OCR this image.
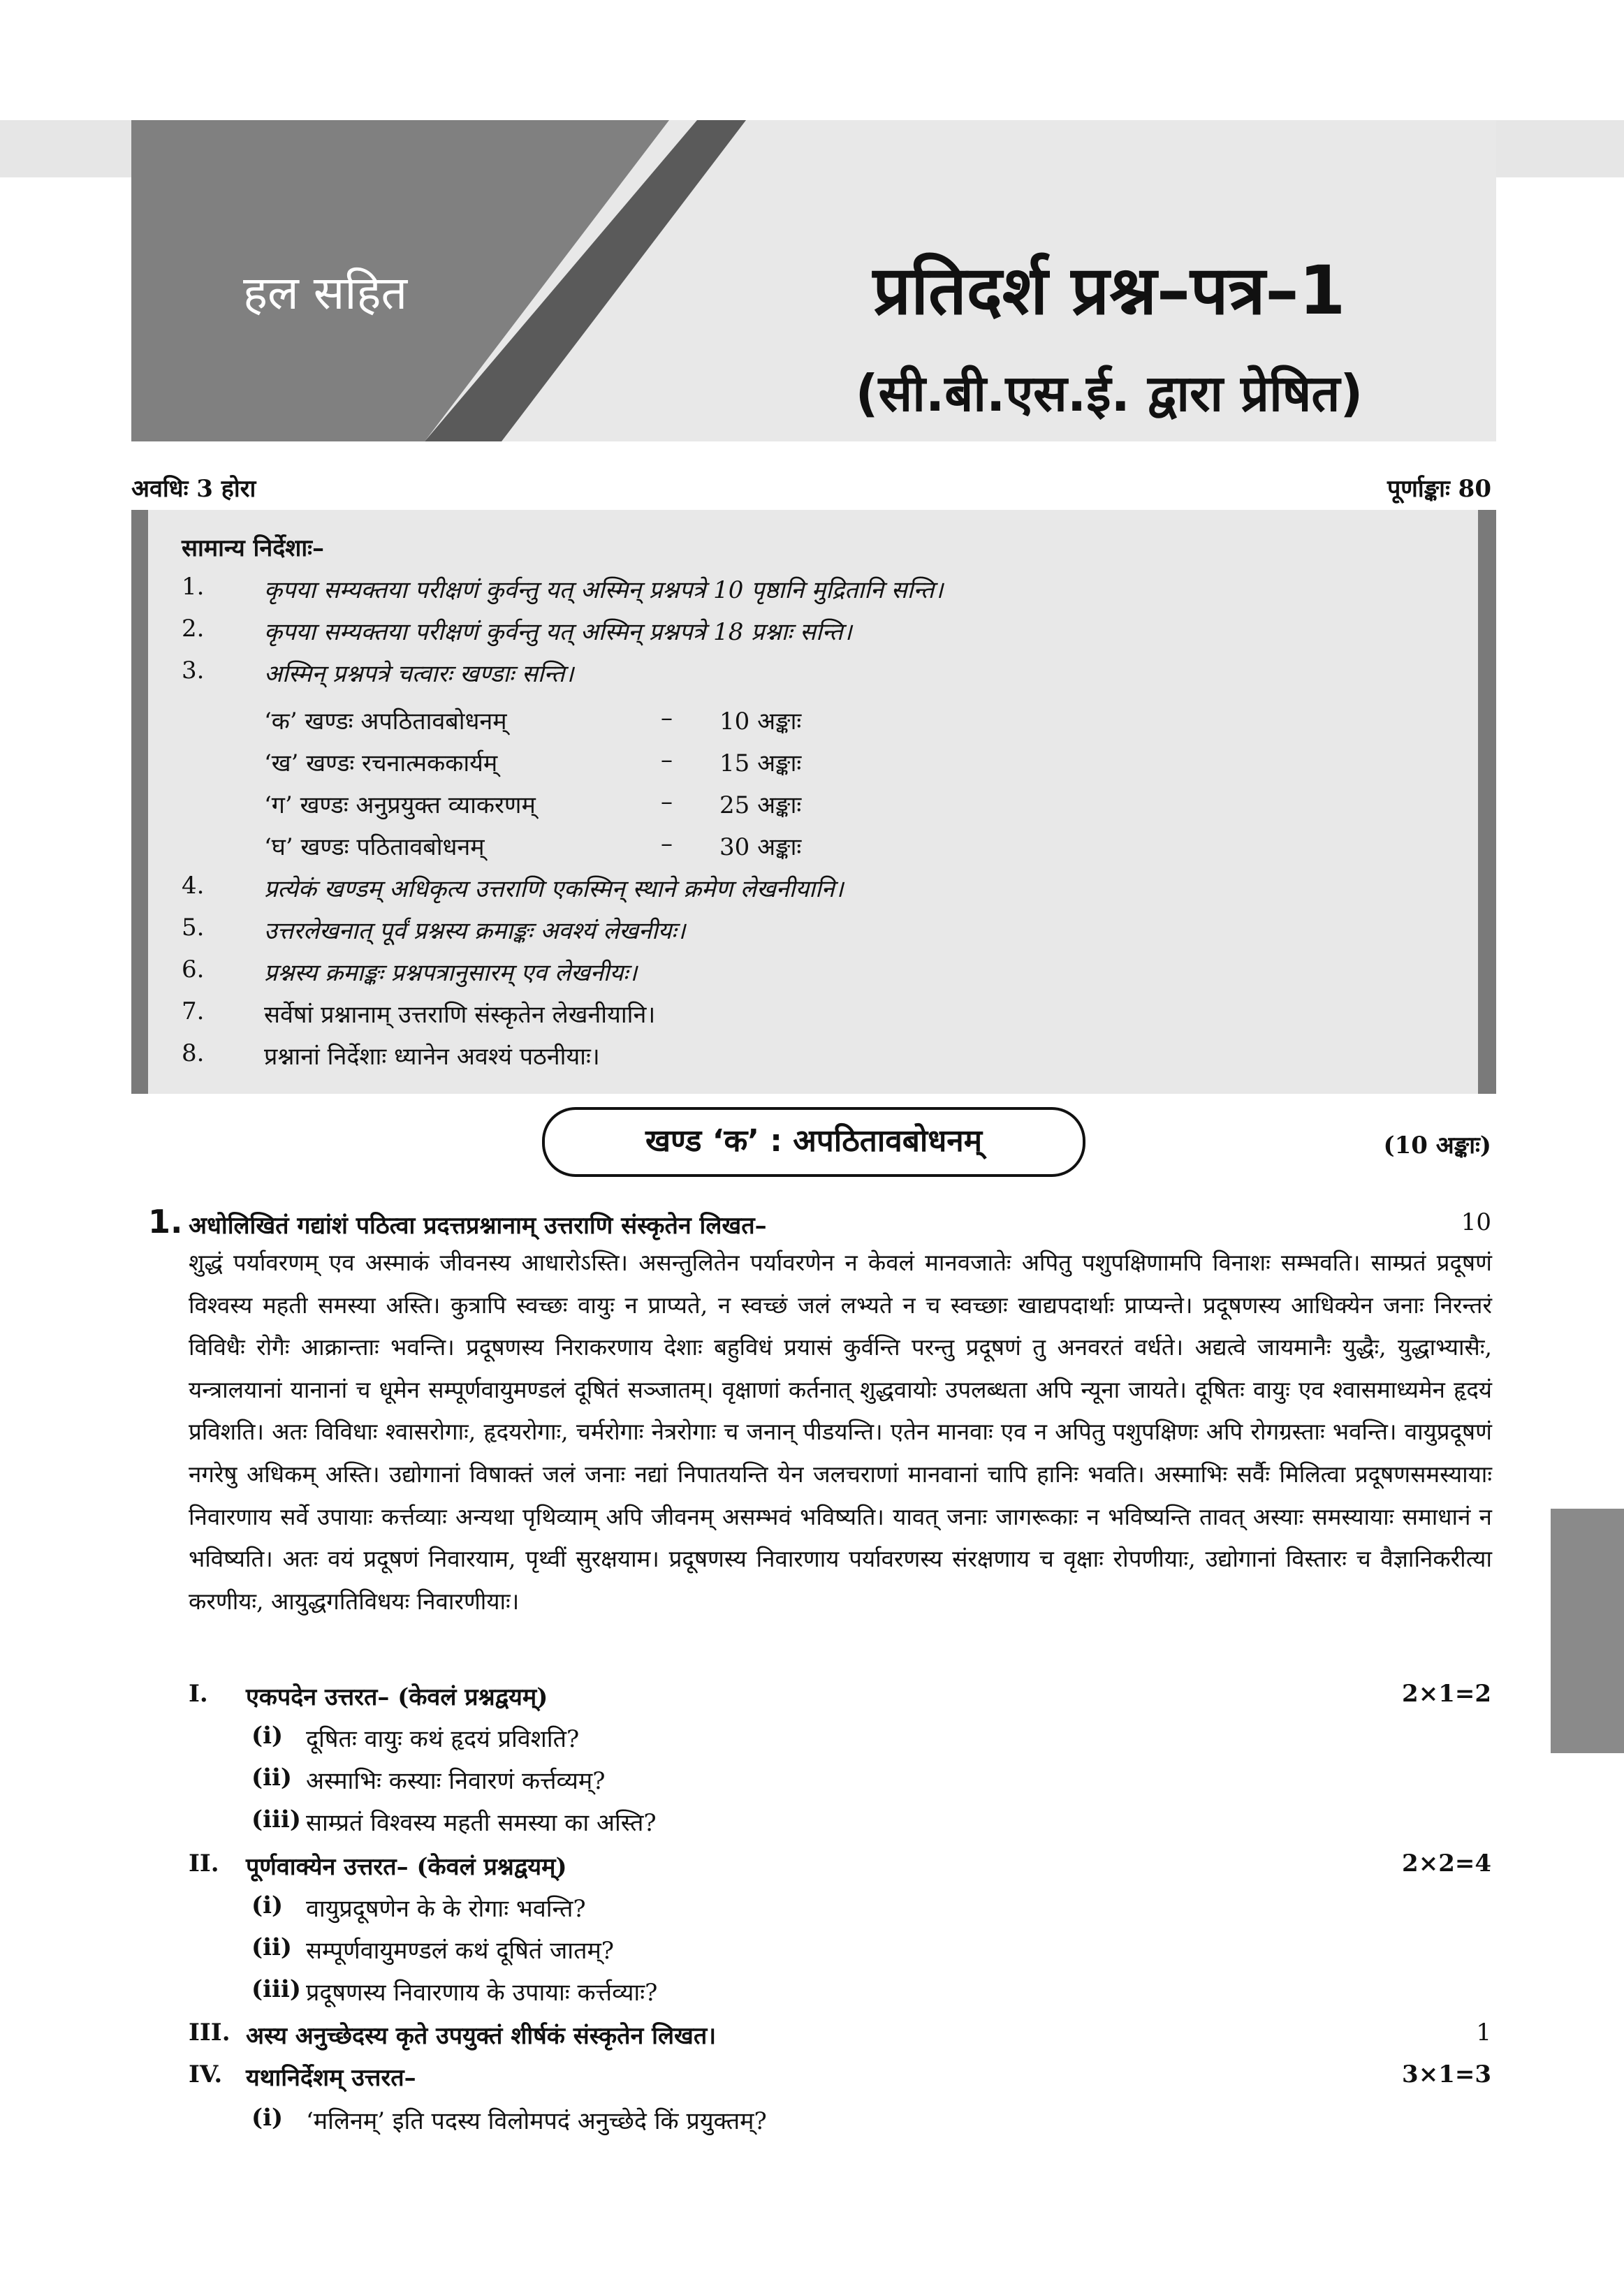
हल सहित	प्रतिदर्श प्रश्न–पत्र–1
(सी.बी.एस.ई. द्वारा प्रेषित)
अवधिः 3 होरा	पूर्णाङ्काः 80
सामान्य निर्देशाः–
1.	कृपया सम्यक्तया परीक्षणं कुर्वन्तु यत् अस्मिन् प्रश्नपत्रे 10 पृष्ठानि मुद्रितानि सन्ति।
2.	कृपया सम्यक्तया परीक्षणं कुर्वन्तु यत् अस्मिन् प्रश्नपत्रे 18 प्रश्नाः सन्ति।
3.	अस्मिन् प्रश्नपत्रे चत्वारः खण्डाः सन्ति।
‘क’ खण्डः अपठितावबोधनम्	– 10 अङ्काः
‘ख’ खण्डः रचनात्मककार्यम्	– 15 अङ्काः
‘ग’ खण्डः अनुप्रयुक्त व्याकरणम्	– 25 अङ्काः
‘घ’ खण्डः पठितावबोधनम्	– 30 अङ्काः
4.	प्रत्येकं खण्डम् अधिकृत्य उत्तराणि एकस्मिन् स्थाने क्रमेण लेखनीयानि।
5.	उत्तरलेखनात् पूर्वं प्रश्नस्य क्रमाङ्कः अवश्यं लेखनीयः।
6.	प्रश्नस्य क्रमाङ्कः प्रश्नपत्रानुसारम् एव लेखनीयः।
7.	सर्वेषां प्रश्नानाम् उत्तराणि संस्कृतेन लेखनीयानि।
8.	प्रश्नानां निर्देशाः ध्यानेन अवश्यं पठनीयाः।
खण्ड ‘क’ : अपठितावबोधनम्	(10 अङ्काः)
1. अधोलिखितं गद्यांशं पठित्वा प्रदत्तप्रश्नानाम् उत्तराणि संस्कृतेन लिखत–	10
शुद्धं पर्यावरणम् एव अस्माकं जीवनस्य आधारोऽस्ति। असन्तुलितेन पर्यावरणेन न केवलं मानवजातेः अपितु पशुपक्षिणामपि विनाशः सम्भवति। साम्प्रतं प्रदूषणं विश्वस्य महती समस्या अस्ति। कुत्रापि स्वच्छः वायुः न प्राप्यते, न स्वच्छं जलं लभ्यते न च स्वच्छाः खाद्यपदार्थाः प्राप्यन्ते। प्रदूषणस्य आधिक्येन जनाः निरन्तरं विविधैः रोगैः आक्रान्ताः भवन्ति। प्रदूषणस्य निराकरणाय देशाः बहुविधं प्रयासं कुर्वन्ति परन्तु प्रदूषणं तु अनवरतं वर्धते। अद्यत्वे जायमानैः युद्धैः, युद्धाभ्यासैः, यन्त्रालयानां यानानां च धूमेन सम्पूर्णवायुमण्डलं दूषितं सञ्जातम्। वृक्षाणां कर्तनात् शुद्धवायोः उपलब्धता अपि न्यूना जायते। दूषितः वायुः एव श्वासमाध्यमेन हृदयं प्रविशति। अतः विविधाः श्वासरोगाः, हृदयरोगाः, चर्मरोगाः नेत्ररोगाः च जनान् पीडयन्ति। एतेन मानवाः एव न अपितु पशुपक्षिणः अपि रोगग्रस्ताः भवन्ति। वायुप्रदूषणं नगरेषु अधिकम् अस्ति। उद्योगानां विषाक्तं जलं जनाः नद्यां निपातयन्ति येन जलचराणां मानवानां चापि हानिः भवति। अस्माभिः सर्वैः मिलित्वा प्रदूषणसमस्यायाः निवारणाय सर्वे उपायाः कर्त्तव्याः अन्यथा पृथिव्याम् अपि जीवनम् असम्भवं भविष्यति। यावत् जनाः जागरूकाः न भविष्यन्ति तावत् अस्याः समस्यायाः समाधानं न भविष्यति। अतः वयं प्रदूषणं निवारयाम, पृथ्वीं सुरक्षयाम। प्रदूषणस्य निवारणाय पर्यावरणस्य संरक्षणाय च वृक्षाः रोपणीयाः, उद्योगानां विस्तारः च वैज्ञानिकरीत्या करणीयः, आयुद्धगतिविधयः निवारणीयाः।
I. एकपदेन उत्तरत– (केवलं प्रश्नद्वयम्)	2×1=2
(i) दूषितः वायुः कथं हृदयं प्रविशति?
(ii) अस्माभिः कस्याः निवारणं कर्त्तव्यम्?
(iii) साम्प्रतं विश्वस्य महती समस्या का अस्ति?
II. पूर्णवाक्येन उत्तरत– (केवलं प्रश्नद्वयम्)	2×2=4
(i) वायुप्रदूषणेन के के रोगाः भवन्ति?
(ii) सम्पूर्णवायुमण्डलं कथं दूषितं जातम्?
(iii) प्रदूषणस्य निवारणाय के उपायाः कर्त्तव्याः?
III. अस्य अनुच्छेदस्य कृते उपयुक्तं शीर्षकं संस्कृतेन लिखत।	1
IV. यथानिर्देशम् उत्तरत–	3×1=3
(i) ‘मलिनम्’ इति पदस्य विलोमपदं अनुच्छेदे किं प्रयुक्तम्?
